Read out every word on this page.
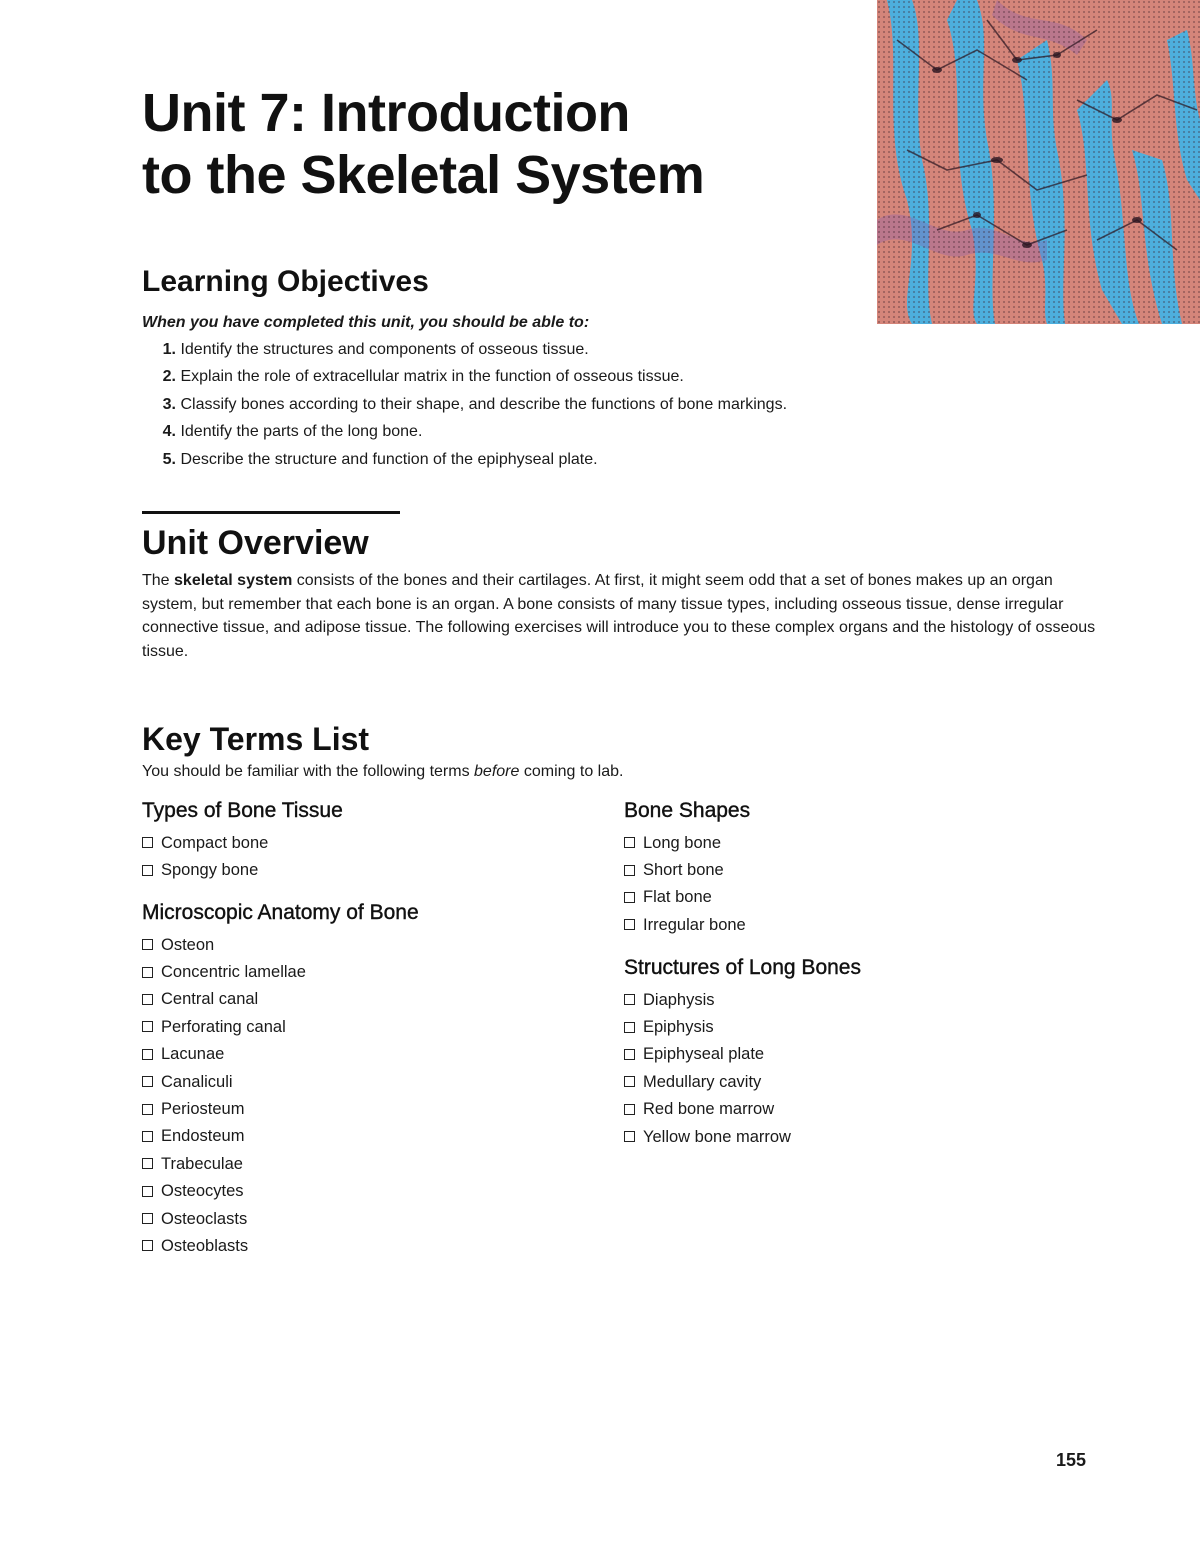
Unit 7: Introduction
to the Skeletal System
Learning Objectives

When you have completed this unit, you should be able to:

1.
Identify the structures and components of osseous tissue.
2.
Explain the role of extracellular matrix in the function of osseous tissue.
3.
Classify bones according to their shape, and describe the functions of bone markings.
4.
Identify the parts of the long bone.
5.
Describe the structure and function of the epiphyseal plate.
Unit Overview

The skeletal system consists of the bones and their cartilages. At first, it might seem odd that a set of bones makes up an organ system, but remember that each bone is an organ. A bone consists of many tissue types, including osseous tissue, dense irregular connective tissue, and adipose tissue. The following exercises will introduce you to these complex organs and the histology of osseous tissue.

Key Terms List

You should be familiar with the following terms before coming to lab.

Types of Bone Tissue
Compact bone
Spongy bone
Microscopic Anatomy of Bone
Osteon
Concentric lamellae
Central canal
Perforating canal
Lacunae
Canaliculi
Periosteum
Endosteum
Trabeculae
Osteocytes
Osteoclasts
Osteoblasts
Bone Shapes
Long bone
Short bone
Flat bone
Irregular bone
Structures of Long Bones
Diaphysis
Epiphysis
Epiphyseal plate
Medullary cavity
Red bone marrow
Yellow bone marrow

155
